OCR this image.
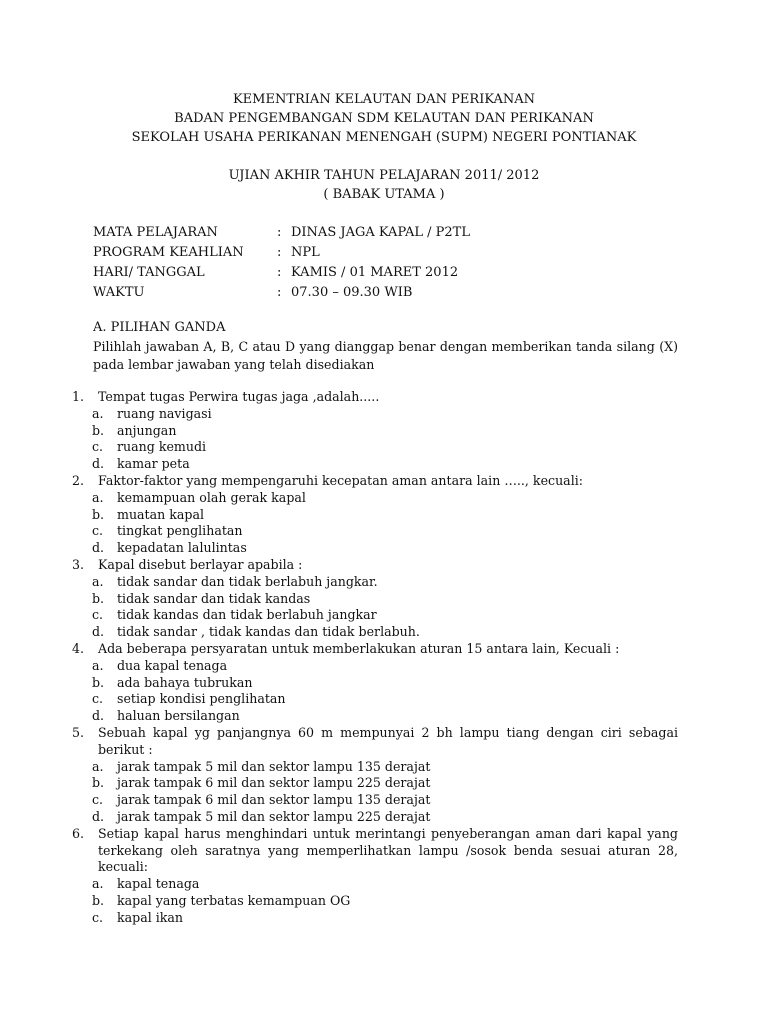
KEMENTRIAN KELAUTAN DAN PERIKANAN
BADAN PENGEMBANGAN SDM KELAUTAN DAN PERIKANAN
SEKOLAH USAHA PERIKANAN MENENGAH (SUPM) NEGERI PONTIANAK
UJIAN AKHIR TAHUN PELAJARAN 2011/ 2012
( BABAK UTAMA )
MATA PELAJARAN	: DINAS JAGA KAPAL / P2TL
PROGRAM KEAHLIAN	: NPL
HARI/ TANGGAL	: KAMIS / 01 MARET 2012
WAKTU	: 07.30 – 09.30 WIB
A. PILIHAN GANDA
Pilihlah jawaban A, B, C atau D yang dianggap benar dengan memberikan tanda silang (X) pada lembar jawaban yang telah disediakan
1. Tempat tugas Perwira tugas jaga ,adalah.....
a. ruang navigasi
b. anjungan
c. ruang kemudi
d. kamar peta
2. Faktor-faktor yang mempengaruhi kecepatan aman antara lain ….., kecuali:
a. kemampuan olah gerak kapal
b. muatan kapal
c. tingkat penglihatan
d. kepadatan lalulintas
3. Kapal disebut berlayar apabila :
a. tidak sandar dan tidak berlabuh jangkar.
b. tidak sandar dan tidak kandas
c. tidak kandas dan tidak berlabuh jangkar
d. tidak sandar , tidak kandas dan tidak berlabuh.
4. Ada beberapa persyaratan untuk memberlakukan aturan 15 antara lain, Kecuali :
a. dua kapal tenaga
b. ada bahaya tubrukan
c. setiap kondisi penglihatan
d. haluan bersilangan
5. Sebuah kapal yg panjangnya 60 m mempunyai 2 bh lampu tiang dengan ciri sebagai berikut :
a. jarak tampak 5 mil dan sektor lampu 135 derajat
b. jarak tampak 6 mil dan sektor lampu 225 derajat
c. jarak tampak 6 mil dan sektor lampu 135 derajat
d. jarak tampak 5 mil dan sektor lampu 225 derajat
6. Setiap kapal harus menghindari untuk merintangi penyeberangan aman dari kapal yang terkekang oleh saratnya yang memperlihatkan lampu /sosok benda sesuai aturan 28, kecuali:
a. kapal tenaga
b. kapal yang terbatas kemampuan OG
c. kapal ikan
